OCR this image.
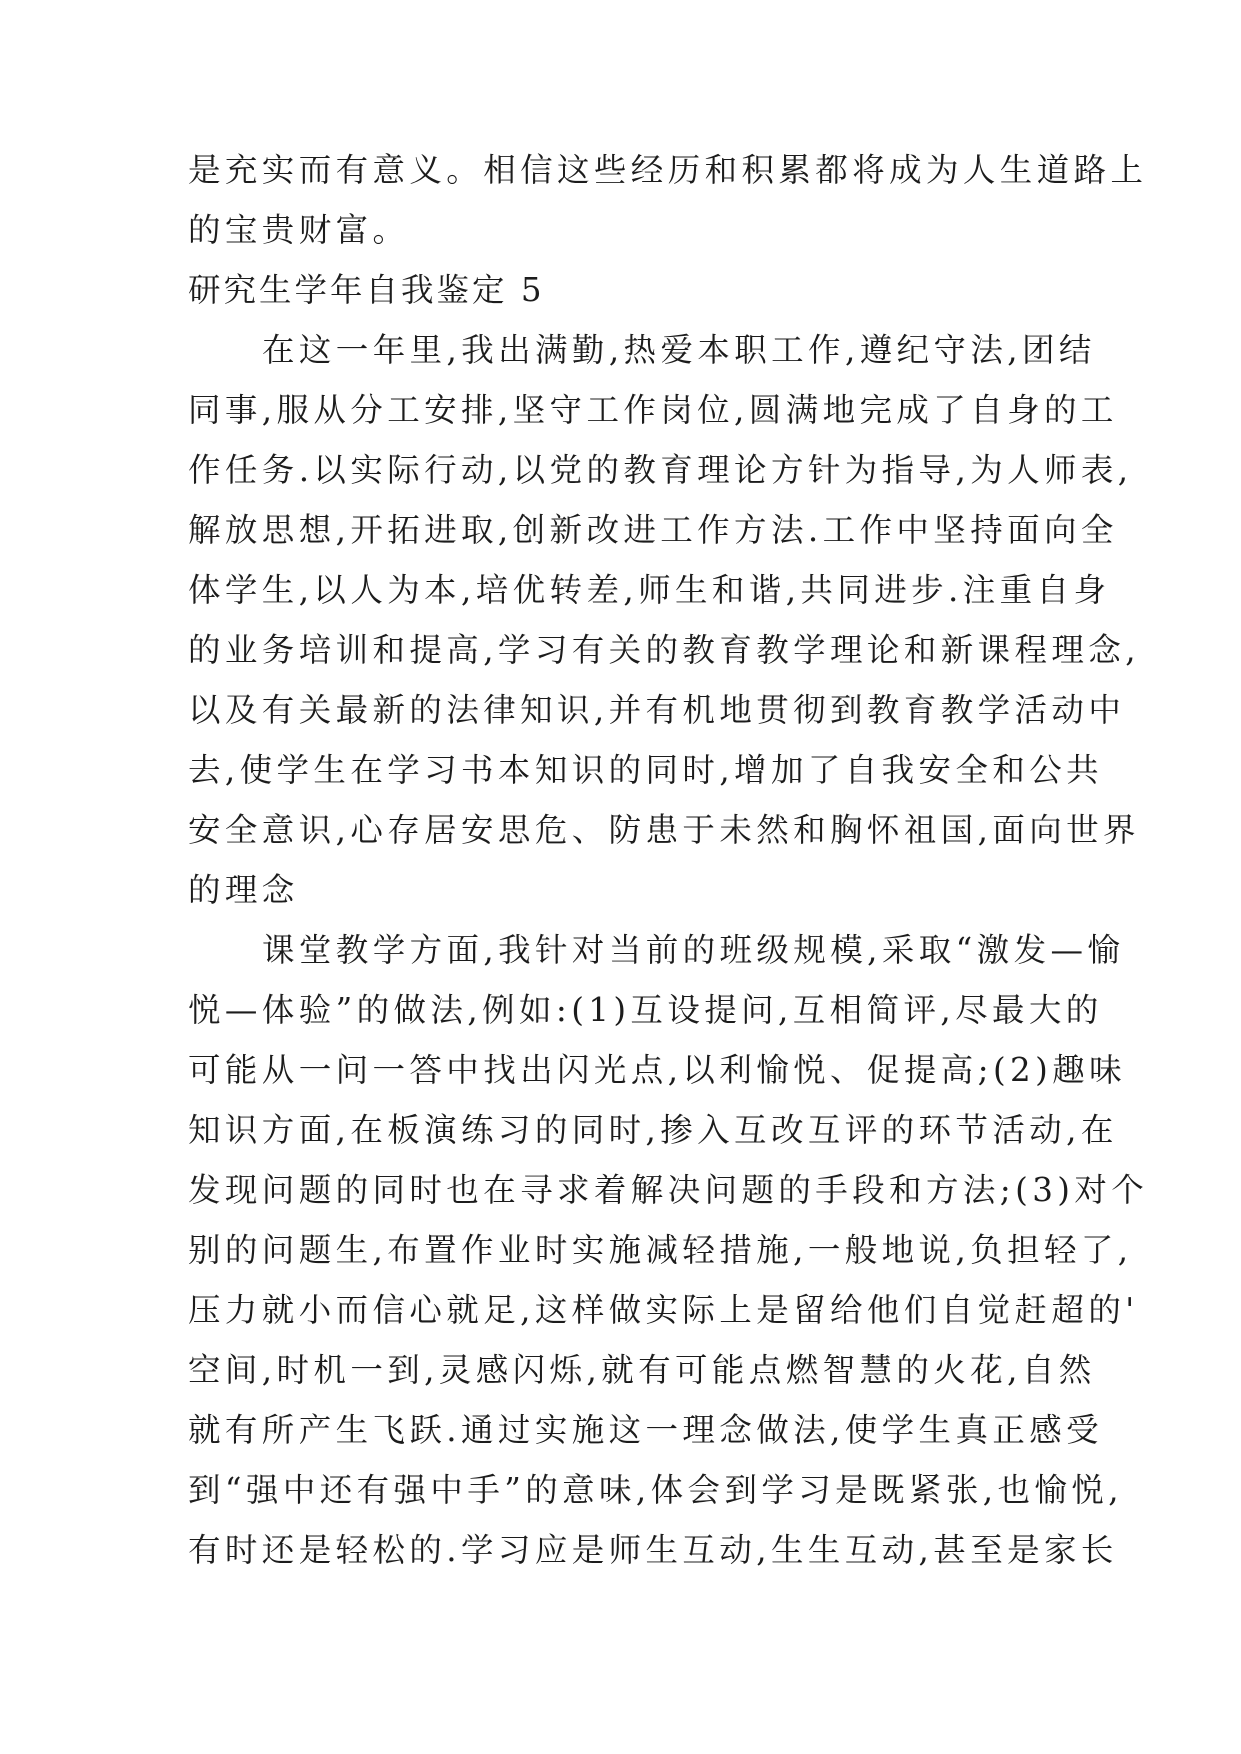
是充实而有意义。相信这些经历和积累都将成为人生道路上
的宝贵财富。
研究生学年自我鉴定 5
在这一年里,我出满勤,热爱本职工作,遵纪守法,团结
同事,服从分工安排,坚守工作岗位,圆满地完成了自身的工
作任务.以实际行动,以党的教育理论方针为指导,为人师表,
解放思想,开拓进取,创新改进工作方法.工作中坚持面向全
体学生,以人为本,培优转差,师生和谐,共同进步.注重自身
的业务培训和提高,学习有关的教育教学理论和新课程理念,
以及有关最新的法律知识,并有机地贯彻到教育教学活动中
去,使学生在学习书本知识的同时,增加了自我安全和公共
安全意识,心存居安思危、防患于未然和胸怀祖国,面向世界
的理念
课堂教学方面,我针对当前的班级规模,采取“激发—愉
悦—体验”的做法,例如:(1)互设提问,互相简评,尽最大的
可能从一问一答中找出闪光点,以利愉悦、促提高;(2)趣味
知识方面,在板演练习的同时,掺入互改互评的环节活动,在
发现问题的同时也在寻求着解决问题的手段和方法;(3)对个
别的问题生,布置作业时实施减轻措施,一般地说,负担轻了,
压力就小而信心就足,这样做实际上是留给他们自觉赶超的'
空间,时机一到,灵感闪烁,就有可能点燃智慧的火花,自然
就有所产生飞跃.通过实施这一理念做法,使学生真正感受
到“强中还有强中手”的意味,体会到学习是既紧张,也愉悦,
有时还是轻松的.学习应是师生互动,生生互动,甚至是家长
